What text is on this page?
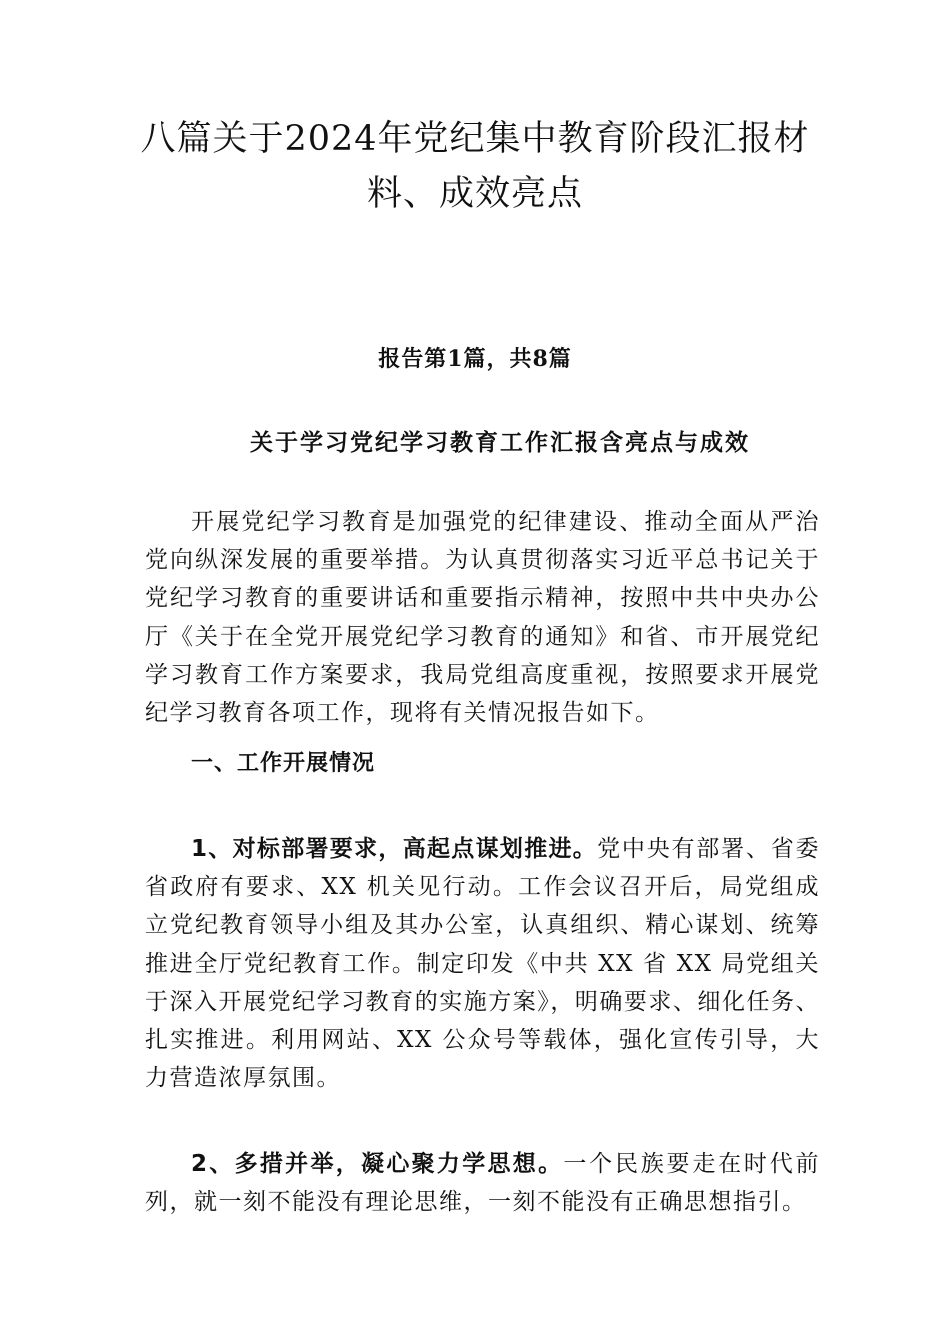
八篇关于2024年党纪集中教育阶段汇报材料、成效亮点

报告第1篇，共8篇

关于学习党纪学习教育工作汇报含亮点与成效

开展党纪学习教育是加强党的纪律建设、推动全面从严治党向纵深发展的重要举措。为认真贯彻落实习近平总书记关于党纪学习教育的重要讲话和重要指示精神，按照中共中央办公厅《关于在全党开展党纪学习教育的通知》和省、市开展党纪学习教育工作方案要求，我局党组高度重视，按照要求开展党纪学习教育各项工作，现将有关情况报告如下。

一、工作开展情况

1、对标部署要求，高起点谋划推进。党中央有部署、省委省政府有要求、XX 机关见行动。工作会议召开后，局党组成立党纪教育领导小组及其办公室，认真组织、精心谋划、统筹推进全厅党纪教育工作。制定印发《中共 XX 省 XX 局党组关于深入开展党纪学习教育的实施方案》，明确要求、细化任务、扎实推进。利用网站、XX 公众号等载体，强化宣传引导，大力营造浓厚氛围。

2、多措并举，凝心聚力学思想。一个民族要走在时代前列，就一刻不能没有理论思维，一刻不能没有正确思想指引。
